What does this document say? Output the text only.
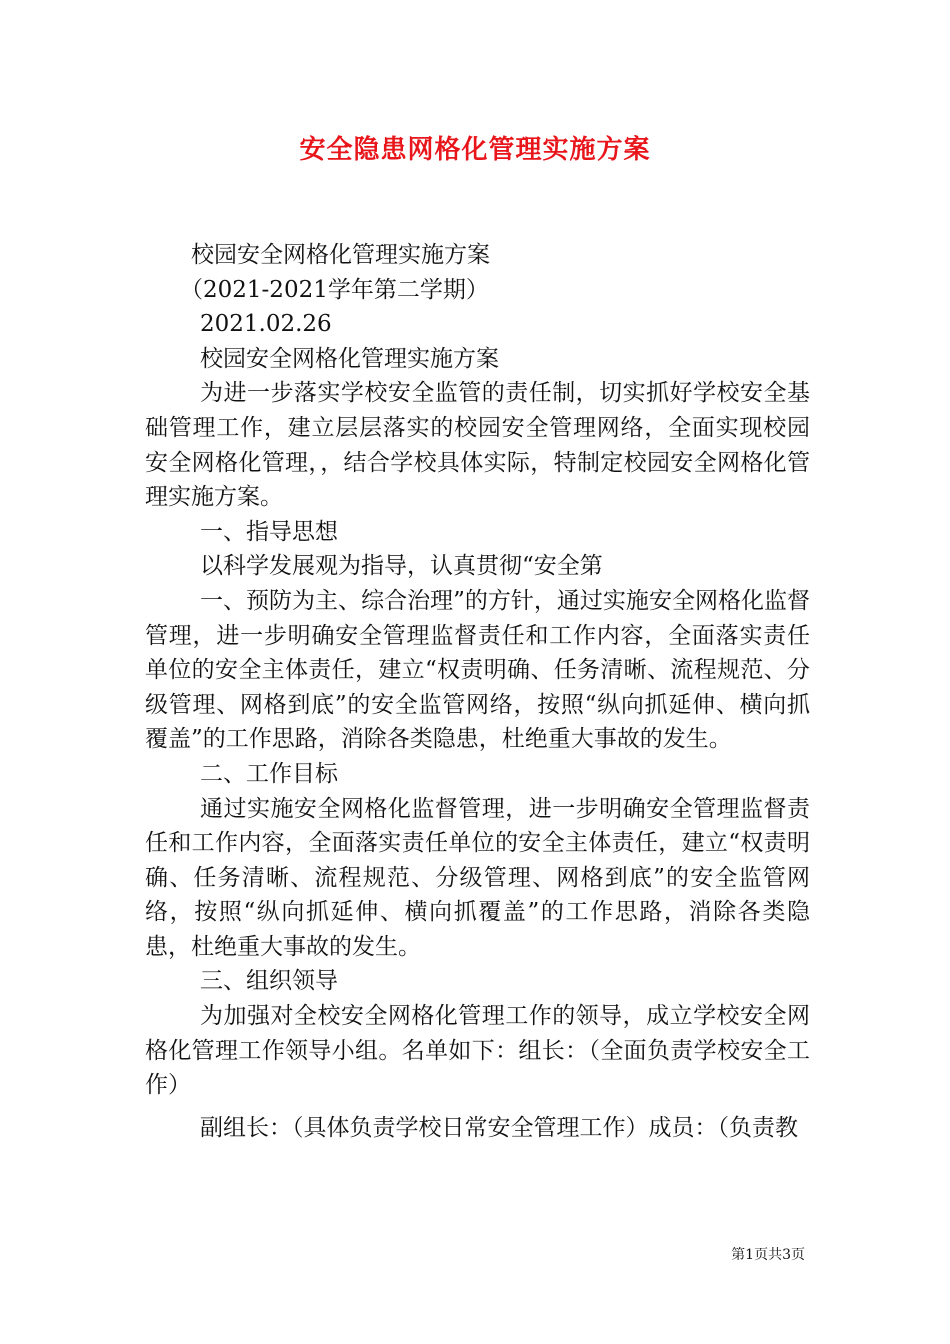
安全隐患网格化管理实施方案

校园安全网格化管理实施方案

（2021-2021学年第二学期）

2021.02.26

校园安全网格化管理实施方案

为进一步落实学校安全监管的责任制，切实抓好学校安全基础管理工作，建立层层落实的校园安全管理网络，全面实现校园安全网格化管理，，结合学校具体实际，特制定校园安全网格化管理实施方案。

一、指导思想

以科学发展观为指导，认真贯彻“安全第

一、预防为主、综合治理”的方针，通过实施安全网格化监督管理，进一步明确安全管理监督责任和工作内容，全面落实责任单位的安全主体责任，建立“权责明确、任务清晰、流程规范、分级管理、网格到底”的安全监管网络，按照“纵向抓延伸、横向抓覆盖”的工作思路，消除各类隐患，杜绝重大事故的发生。

二、工作目标

通过实施安全网格化监督管理，进一步明确安全管理监督责任和工作内容，全面落实责任单位的安全主体责任，建立“权责明确、任务清晰、流程规范、分级管理、网格到底”的安全监管网络，按照“纵向抓延伸、横向抓覆盖”的工作思路，消除各类隐患，杜绝重大事故的发生。

三、组织领导

为加强对全校安全网格化管理工作的领导，成立学校安全网格化管理工作领导小组。名单如下：组长：（全面负责学校安全工作）

副组长：（具体负责学校日常安全管理工作）成员：（负责教

第1页共3页
